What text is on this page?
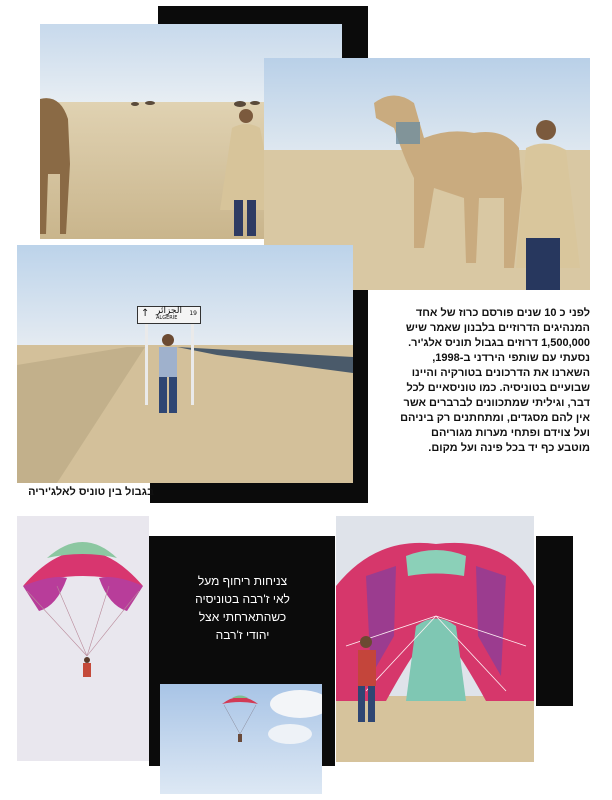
↑ الجزائر
ALGERIE
19	לפני כ 10 שנים פורסם כרוז של אחד
המנהיגים הדרוזיים בלבנון שאמר שיש
1,500,000 דרוזים בגבול תוניס אלג'יר.
נסעתי עם שותפי הירדני ב-1998,
השארנו את הדרכונים בטורקיה והיינו
שבועיים בטוניסיה. כמו טוניסאיים לכל
דבר, וגיליתי שמתכוונים לברברים אשר
אין להם מסגדים, ומתחתנים רק ביניהם
ועל צוידם ופתחי מערות מגוריהם
מוטבע כף יד בכל פינה ועל מקום.
בגבול בין טוניס לאלג'יריה
צניחות ריחוף מעל
לאי ז'רבה בטוניסיה
כשהתארחתי אצל
יהודי ז'רבה
